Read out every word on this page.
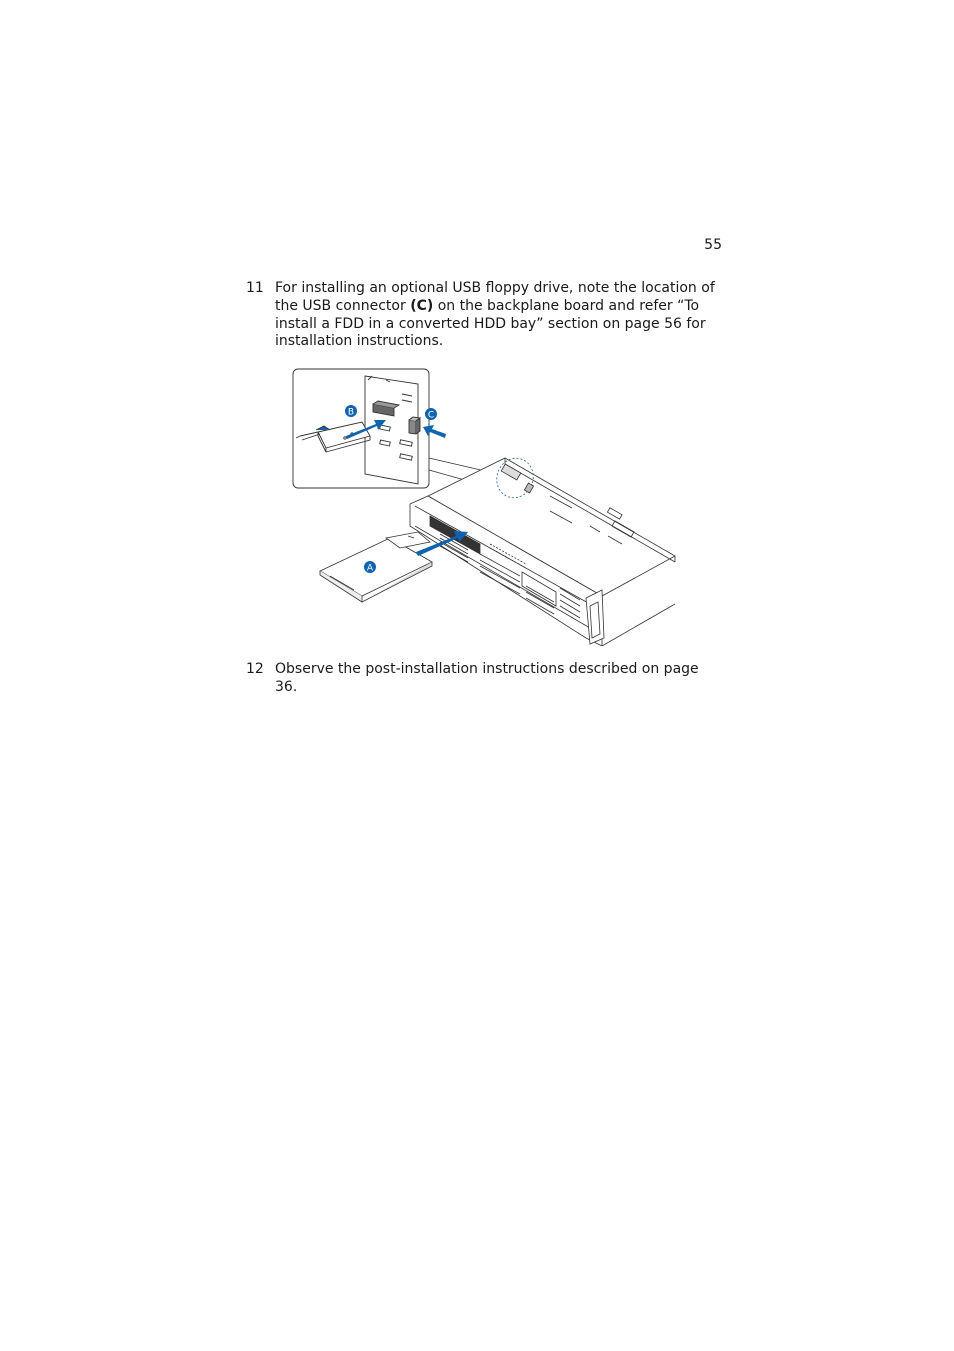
55
11 For installing an optional USB floppy drive, note the location of the USB connector (C) on the backplane board and refer “To install a FDD in a converted HDD bay” section on page 56 for installation instructions.
B	C
A
12 Observe the post-installation instructions described on page 36.
